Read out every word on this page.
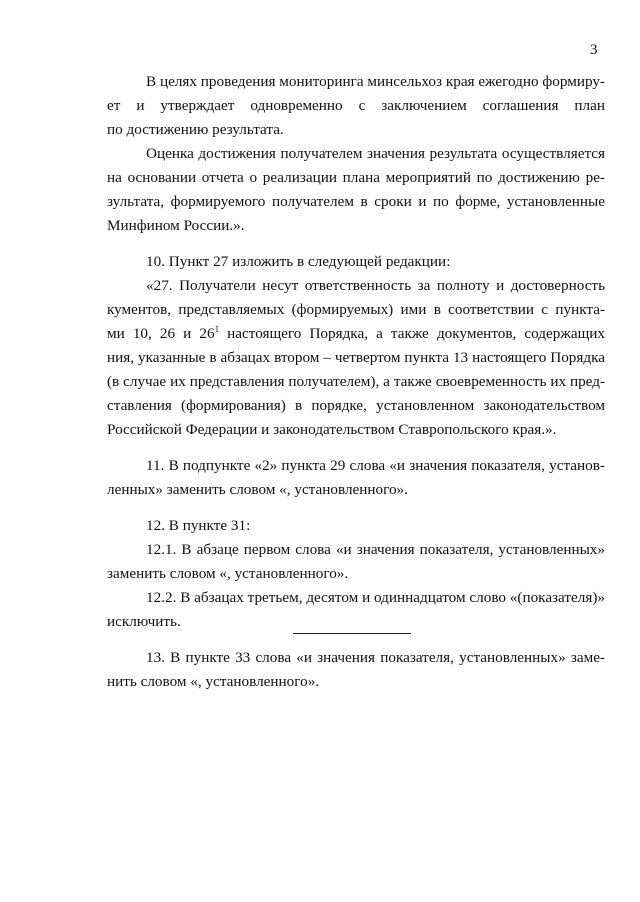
3
В целях проведения мониторинга минсельхоз края ежегодно формиру-
ет и утверждает одновременно с заключением соглашения план
по достижению результата.
Оценка достижения получателем значения результата осуществляется
на основании отчета о реализации плана мероприятий по достижению ре-
зультата, формируемого получателем в сроки и по форме, установленные
Минфином России.».
10. Пункт 27 изложить в следующей редакции:
«27. Получатели несут ответственность за полноту и достоверность
кументов, представляемых (формируемых) ими в соответствии с пункта-
ми 10, 26 и $26^1$ настоящего Порядка, а также документов, содержащих
ния, указанные в абзацах втором – четвертом пункта 13 настоящего Порядка
(в случае их представления получателем), а также своевременность их пред-
ставления (формирования) в порядке, установленном законодательством
Российской Федерации и законодательством Ставропольского края.».
11. В подпункте «2» пункта 29 слова «и значения показателя, установ-
ленных» заменить словом «, установленного».
12. В пункте 31:
12.1. В абзаце первом слова «и значения показателя, установленных»
заменить словом «, установленного».
12.2. В абзацах третьем, десятом и одиннадцатом слово «(показателя)»
исключить.
13. В пункте 33 слова «и значения показателя, установленных» заме-
нить словом «, установленного».
